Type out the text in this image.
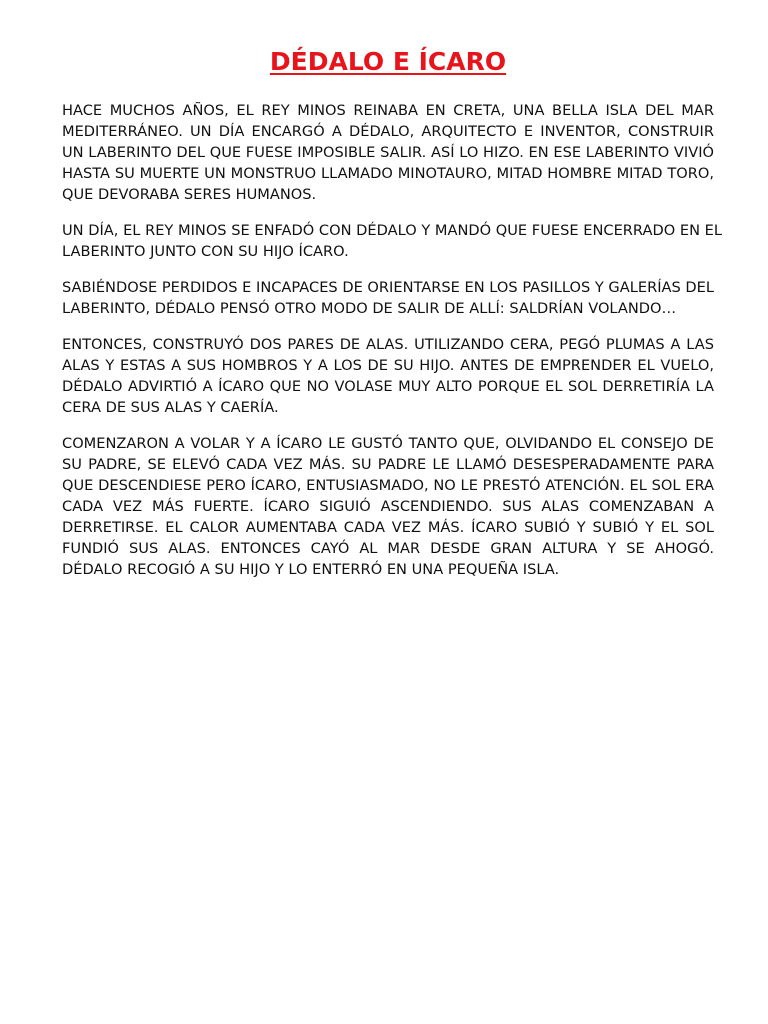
DÉDALO E ÍCARO

HACE MUCHOS AÑOS, EL REY MINOS REINABA EN CRETA, UNA BELLA ISLA DEL MAR MEDITERRÁNEO. UN DÍA ENCARGÓ A DÉDALO, ARQUITECTO E INVENTOR, CONSTRUIR UN LABERINTO DEL QUE FUESE IMPOSIBLE SALIR. ASÍ LO HIZO. EN ESE LABERINTO VIVIÓ HASTA SU MUERTE UN MONSTRUO LLAMADO MINOTAURO, MITAD HOMBRE MITAD TORO, QUE DEVORABA SERES HUMANOS.

UN DÍA, EL REY MINOS SE ENFADÓ CON DÉDALO Y MANDÓ QUE FUESE ENCERRADO EN EL LABERINTO JUNTO CON SU HIJO ÍCARO.

SABIÉNDOSE PERDIDOS E INCAPACES DE ORIENTARSE EN LOS PASILLOS Y GALERÍAS DEL LABERINTO, DÉDALO PENSÓ OTRO MODO DE SALIR DE ALLÍ: SALDRÍAN VOLANDO…

ENTONCES, CONSTRUYÓ DOS PARES DE ALAS. UTILIZANDO CERA, PEGÓ PLUMAS A LAS ALAS Y ESTAS A SUS HOMBROS Y A LOS DE SU HIJO. ANTES DE EMPRENDER EL VUELO, DÉDALO ADVIRTIÓ A ÍCARO QUE NO VOLASE MUY ALTO PORQUE EL SOL DERRETIRÍA LA CERA DE SUS ALAS Y CAERÍA.

COMENZARON A VOLAR Y A ÍCARO LE GUSTÓ TANTO QUE, OLVIDANDO EL CONSEJO DE SU PADRE, SE ELEVÓ CADA VEZ MÁS. SU PADRE LE LLAMÓ DESESPERADAMENTE PARA QUE DESCENDIESE PERO ÍCARO, ENTUSIASMADO, NO LE PRESTÓ ATENCIÓN. EL SOL ERA CADA VEZ MÁS FUERTE. ÍCARO SIGUIÓ ASCENDIENDO. SUS ALAS COMENZABAN A DERRETIRSE. EL CALOR AUMENTABA CADA VEZ MÁS. ÍCARO SUBIÓ Y SUBIÓ Y EL SOL FUNDIÓ SUS ALAS. ENTONCES CAYÓ AL MAR DESDE GRAN ALTURA Y SE AHOGÓ. DÉDALO RECOGIÓ A SU HIJO Y LO ENTERRÓ EN UNA PEQUEÑA ISLA.
